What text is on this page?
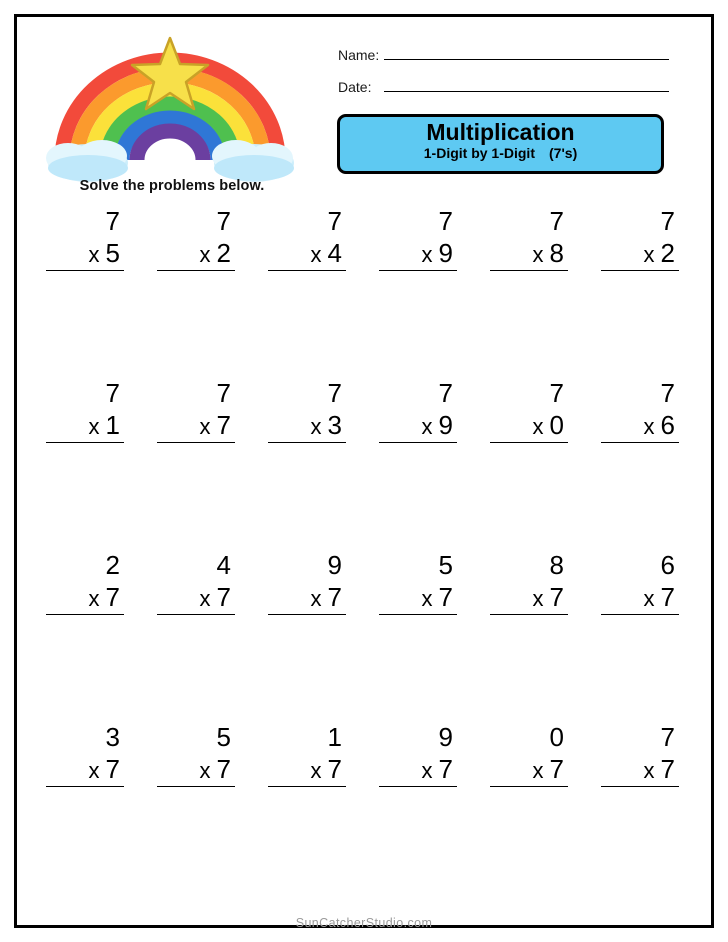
Solve the problems below.
Name:
Date:
Multiplication
1-Digit by 1-Digit (7's)
7
x 5
7
x 2
7
x 4
7
x 9
7
x 8
7
x 2
7
x 1
7
x 7
7
x 3
7
x 9
7
x 0
7
x 6
2
x 7
4
x 7
9
x 7
5
x 7
8
x 7
6
x 7
3
x 7
5
x 7
1
x 7
9
x 7
0
x 7
7
x 7
SunCatcherStudio.com
